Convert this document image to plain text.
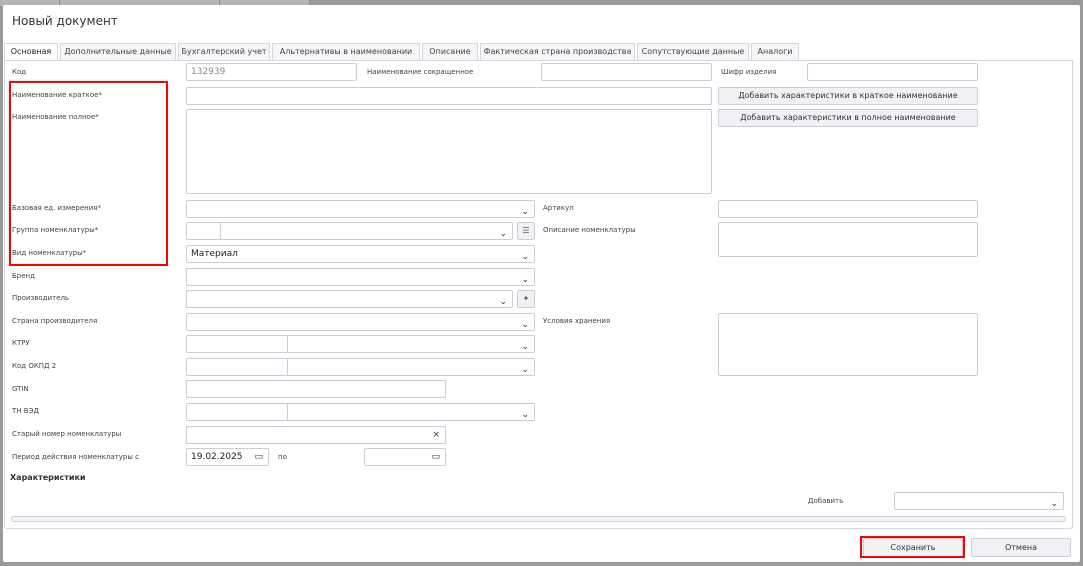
Новый документ
Основная	Дополнительные данные	Бухгалтерский учет	Альтернативы в наименовании	Описание	Фактическая страна производства	Сопутствующие данные	Аналоги
Код	132939	Наименование сокращенное	Шифр изделия
Наименование краткое*	Добавить характеристики в краткое наименование
Наименование полное*	Добавить характеристики в полное наименование
Базовая ед. измерения*	⌄ Артикул
Группа номенклатуры*	⌄	☰	Описание номенклатуры
Вид номенклатуры*	Материал	⌄
Бренд	⌄
Производитель	⌄	✦
Страна производителя	⌄ Условия хранения
КТРУ	⌄
Код ОКПД 2	⌄
GTIN
ТН ВЭД	⌄
Старый номер номенклатуры	×
Период действия номенклатуры с	19.02.2025 ▭ по	▭
Характеристики
Добавить	⌄
Сохранить	Отмена
